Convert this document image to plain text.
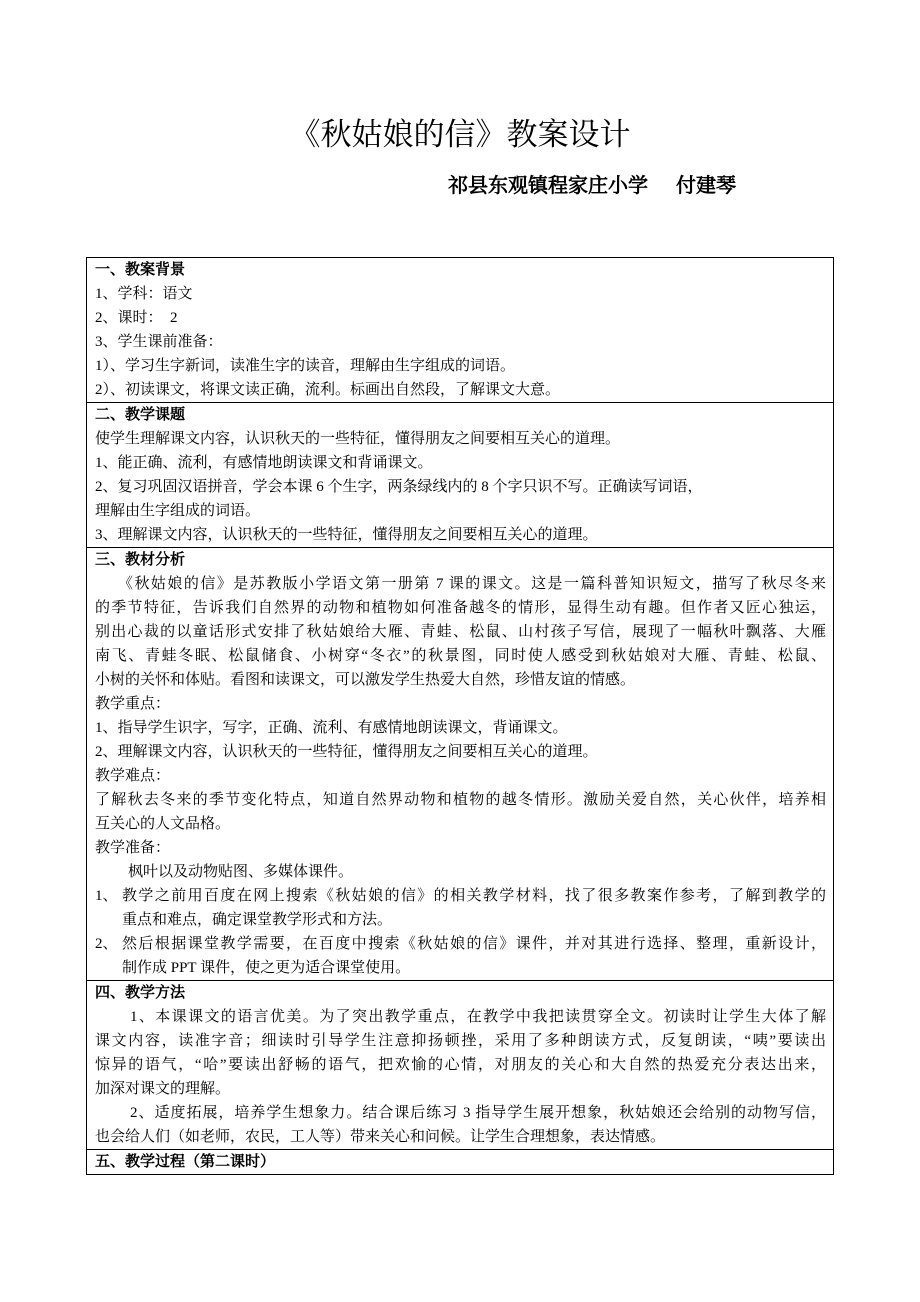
《秋姑娘的信》教案设计
祁县东观镇程家庄小学 付建琴
一、教案背景
1、学科：语文
2、课时：  2
3、学生课前准备：
1）、学习生字新词，读准生字的读音，理解由生字组成的词语。
2）、初读课文，将课文读正确，流利。标画出自然段，了解课文大意。
二、教学课题
使学生理解课文内容，认识秋天的一些特征，懂得朋友之间要相互关心的道理。
1、能正确、流利，有感情地朗读课文和背诵课文。
2、复习巩固汉语拼音，学会本课 6 个生字，两条绿线内的 8 个字只识不写。正确读写词语，
理解由生字组成的词语。
3、理解课文内容，认识秋天的一些特征，懂得朋友之间要相互关心的道理。
三、教材分析
《秋姑娘的信》是苏教版小学语文第一册第 7 课的课文。这是一篇科普知识短文，描写了秋尽冬来
的季节特征，告诉我们自然界的动物和植物如何准备越冬的情形，显得生动有趣。但作者又匠心独运，
别出心裁的以童话形式安排了秋姑娘给大雁、青蛙、松鼠、山村孩子写信，展现了一幅秋叶飘落、大雁
南飞、青蛙冬眠、松鼠储食、小树穿“冬衣”的秋景图，同时使人感受到秋姑娘对大雁、青蛙、松鼠、
小树的关怀和体贴。看图和读课文，可以激发学生热爱大自然，珍惜友谊的情感。
教学重点：
1、指导学生识字，写字，正确、流利、有感情地朗读课文，背诵课文。
2、理解课文内容，认识秋天的一些特征，懂得朋友之间要相互关心的道理。
教学难点：
了解秋去冬来的季节变化特点，知道自然界动物和植物的越冬情形。激励关爱自然，关心伙伴，培养相
互关心的人文品格。
教学准备：
枫叶以及动物贴图、多媒体课件。
1、 教学之前用百度在网上搜索《秋姑娘的信》的相关教学材料，找了很多教案作参考，了解到教学的
重点和难点，确定课堂教学形式和方法。
2、 然后根据课堂教学需要，在百度中搜索《秋姑娘的信》课件，并对其进行选择、整理，重新设计，
制作成 PPT 课件，使之更为适合课堂使用。
四、教学方法
1、本课课文的语言优美。为了突出教学重点，在教学中我把读贯穿全文。初读时让学生大体了解
课文内容，读准字音；细读时引导学生注意抑扬顿挫，采用了多种朗读方式，反复朗读，“咦”要读出
惊异的语气，“哈”要读出舒畅的语气，把欢愉的心情，对朋友的关心和大自然的热爱充分表达出来，
加深对课文的理解。
2、适度拓展，培养学生想象力。结合课后练习 3 指导学生展开想象，秋姑娘还会给别的动物写信，
也会给人们（如老师，农民，工人等）带来关心和问候。让学生合理想象，表达情感。
五、教学过程（第二课时）
